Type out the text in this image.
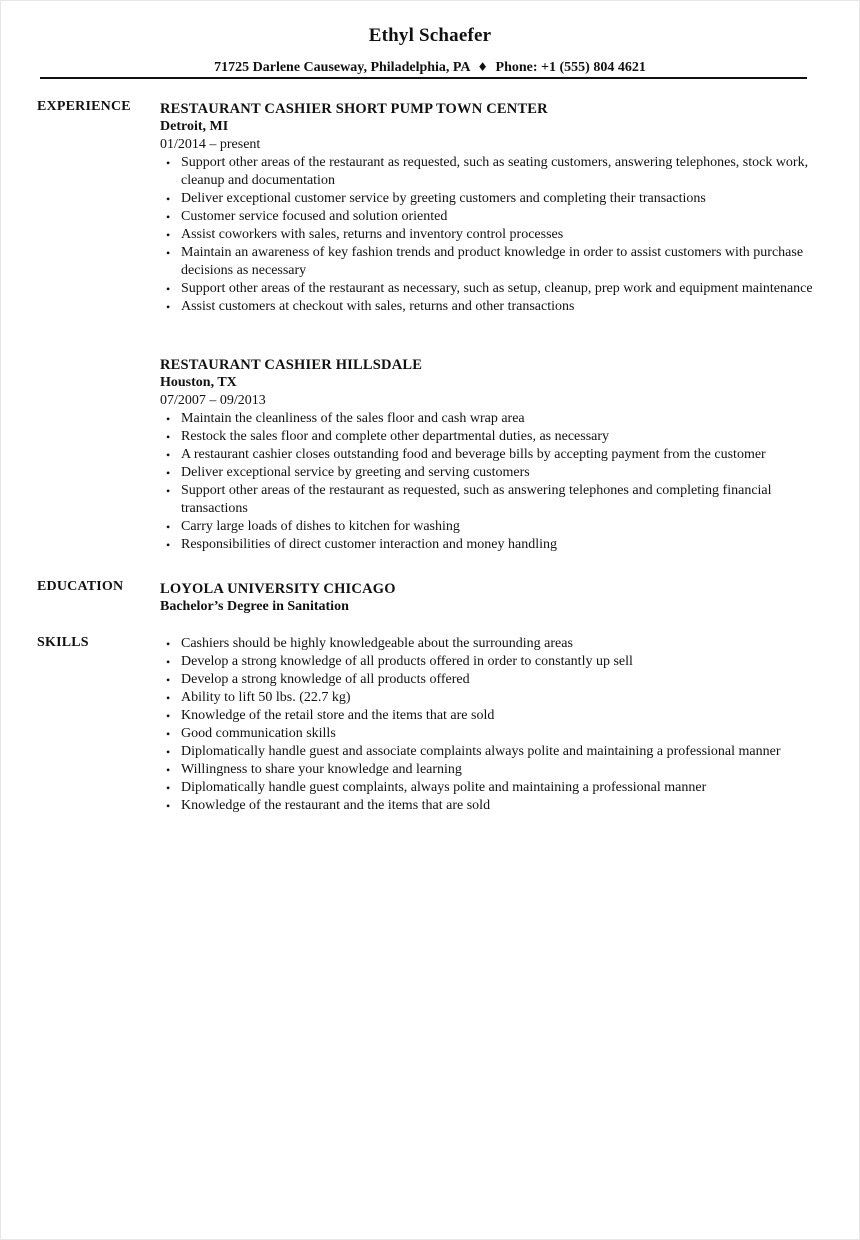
Ethyl Schaefer
71725 Darlene Causeway, Philadelphia, PA ♦ Phone: +1 (555) 804 4621
EXPERIENCE RESTAURANT CASHIER SHORT PUMP TOWN CENTER
Detroit, MI
01/2014 – present
• Support other areas of the restaurant as requested, such as seating customers, answering telephones, stock work, cleanup and documentation
• Deliver exceptional customer service by greeting customers and completing their transactions
• Customer service focused and solution oriented
• Assist coworkers with sales, returns and inventory control processes
• Maintain an awareness of key fashion trends and product knowledge in order to assist customers with purchase decisions as necessary
• Support other areas of the restaurant as necessary, such as setup, cleanup, prep work and equipment maintenance
• Assist customers at checkout with sales, returns and other transactions
RESTAURANT CASHIER HILLSDALE
Houston, TX
07/2007 – 09/2013
• Maintain the cleanliness of the sales floor and cash wrap area
• Restock the sales floor and complete other departmental duties, as necessary
• A restaurant cashier closes outstanding food and beverage bills by accepting payment from the customer
• Deliver exceptional service by greeting and serving customers
• Support other areas of the restaurant as requested, such as answering telephones and completing financial transactions
• Carry large loads of dishes to kitchen for washing
• Responsibilities of direct customer interaction and money handling
EDUCATION	LOYOLA UNIVERSITY CHICAGO
Bachelor’s Degree in Sanitation
SKILLS	• Cashiers should be highly knowledgeable about the surrounding areas
• Develop a strong knowledge of all products offered in order to constantly up sell
• Develop a strong knowledge of all products offered
• Ability to lift 50 lbs. (22.7 kg)
• Knowledge of the retail store and the items that are sold
• Good communication skills
• Diplomatically handle guest and associate complaints always polite and maintaining a professional manner
• Willingness to share your knowledge and learning
• Diplomatically handle guest complaints, always polite and maintaining a professional manner
• Knowledge of the restaurant and the items that are sold
